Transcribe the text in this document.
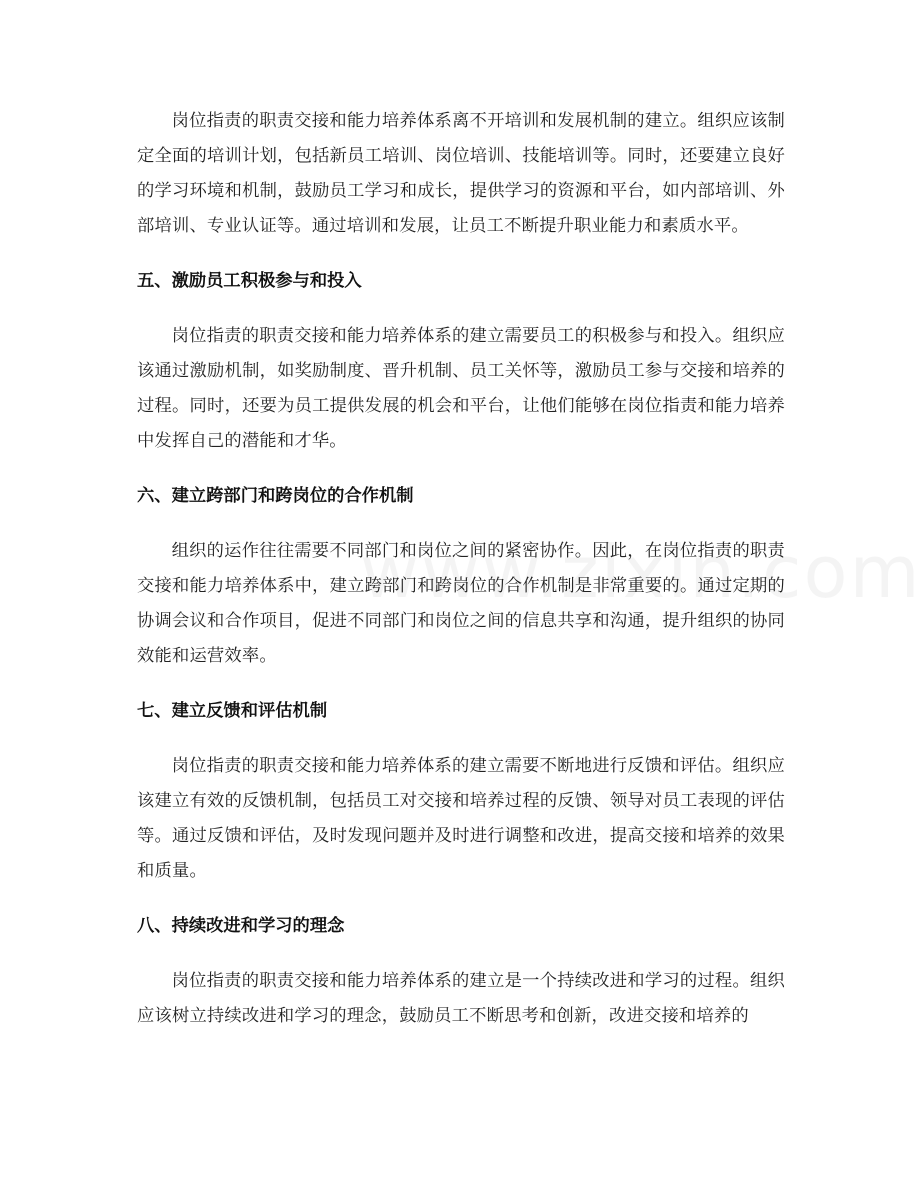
岗位指责的职责交接和能力培养体系离不开培训和发展机制的建立。组织应该制定全面的培训计划，包括新员工培训、岗位培训、技能培训等。同时，还要建立良好的学习环境和机制，鼓励员工学习和成长，提供学习的资源和平台，如内部培训、外部培训、专业认证等。通过培训和发展，让员工不断提升职业能力和素质水平。

五、激励员工积极参与和投入

岗位指责的职责交接和能力培养体系的建立需要员工的积极参与和投入。组织应该通过激励机制，如奖励制度、晋升机制、员工关怀等，激励员工参与交接和培养的过程。同时，还要为员工提供发展的机会和平台，让他们能够在岗位指责和能力培养中发挥自己的潜能和才华。

六、建立跨部门和跨岗位的合作机制

组织的运作往往需要不同部门和岗位之间的紧密协作。因此，在岗位指责的职责交接和能力培养体系中，建立跨部门和跨岗位的合作机制是非常重要的。通过定期的协调会议和合作项目，促进不同部门和岗位之间的信息共享和沟通，提升组织的协同效能和运营效率。

七、建立反馈和评估机制

岗位指责的职责交接和能力培养体系的建立需要不断地进行反馈和评估。组织应该建立有效的反馈机制，包括员工对交接和培养过程的反馈、领导对员工表现的评估等。通过反馈和评估，及时发现问题并及时进行调整和改进，提高交接和培养的效果和质量。

八、持续改进和学习的理念

岗位指责的职责交接和能力培养体系的建立是一个持续改进和学习的过程。组织应该树立持续改进和学习的理念，鼓励员工不断思考和创新，改进交接和培养的
